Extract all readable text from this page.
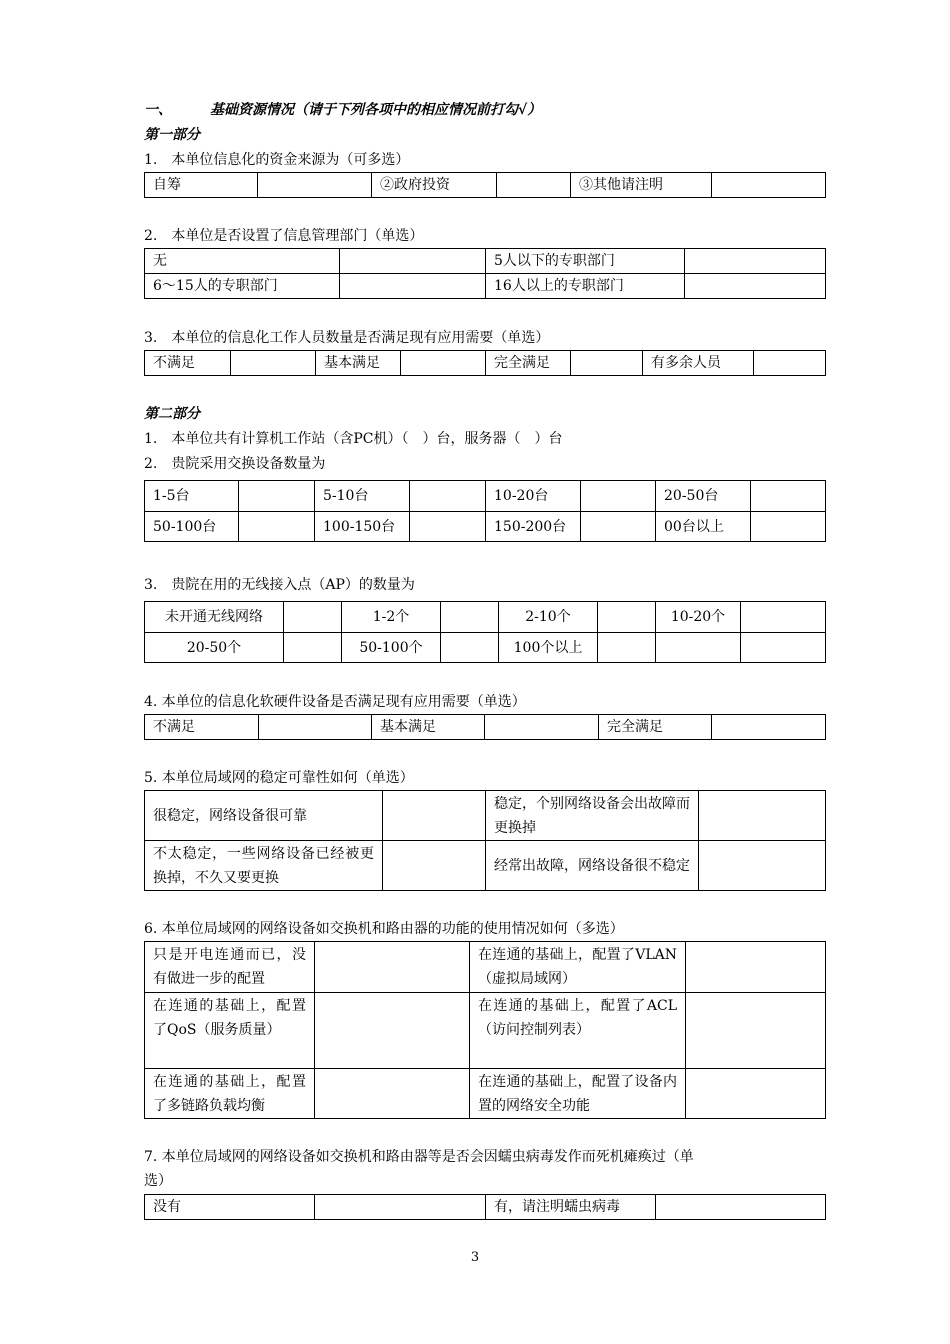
一、	基础资源情况（请于下列各项中的相应情况前打勾√）
第一部分
1.　本单位信息化的资金来源为（可多选）
自筹		②政府投资		③其他请注明	
2.　本单位是否设置了信息管理部门（单选）
无		5人以下的专职部门	
6～15人的专职部门		16人以上的专职部门	
3.　本单位的信息化工作人员数量是否满足现有应用需要（单选）
不满足		基本满足		完全满足		有多余人员	
第二部分
1.　本单位共有计算机工作站（含PC机）（　）台，服务器（　）台
2.　贵院采用交换设备数量为
1-5台		5-10台		10-20台		20-50台	
50-100台		100-150台		150-200台		00台以上	
3.　贵院在用的无线接入点（AP）的数量为
未开通无线网络		1-2个		2-10个		10-20个	
20-50个		50-100个		100个以上			
4. 本单位的信息化软硬件设备是否满足现有应用需要（单选）
不满足		基本满足		完全满足	
5. 本单位局域网的稳定可靠性如何（单选）
很稳定，网络设备很可靠		稳定，个别网络设备会出故障而更换掉	
不太稳定，一些网络设备已经被更换掉，不久又要更换		经常出故障，网络设备很不稳定	
6. 本单位局域网的网络设备如交换机和路由器的功能的使用情况如何（多选）
只是开电连通而已，没有做进一步的配置		在连通的基础上，配置了VLAN（虚拟局域网）	
在连通的基础上，配置了QoS（服务质量）		在连通的基础上，配置了ACL（访问控制列表）	
在连通的基础上，配置了多链路负载均衡		在连通的基础上，配置了设备内置的网络安全功能	
7. 本单位局域网的网络设备如交换机和路由器等是否会因蠕虫病毒发作而死机瘫痪过（单
选）
没有		有，请注明蠕虫病毒	
3
